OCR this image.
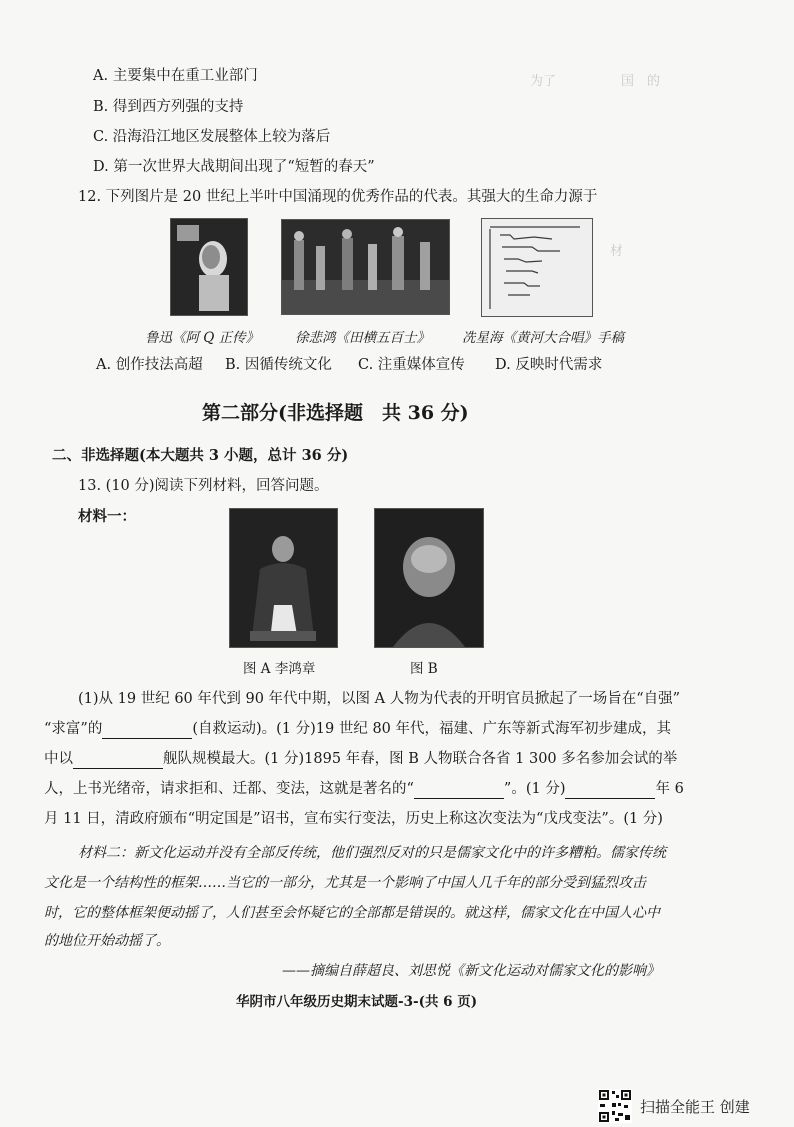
为了　　　　　国　的

材

A. 主要集中在重工业部门
B. 得到西方列强的支持
C. 沿海沿江地区发展整体上较为落后
D. 第一次世界大战期间出现了“短暂的春天”
12. 下列图片是 20 世纪上半叶中国涌现的优秀作品的代表。其强大的生命力源于
鲁迅《阿 Q 正传》	徐悲鸿《田横五百士》 冼星海《黄河大合唱》手稿
A. 创作技法高超 B. 因循传统文化 C. 注重媒体宣传 D. 反映时代需求
第二部分(非选择题　共 36 分)
二、非选择题(本大题共 3 小题，总计 36 分)
13. (10 分)阅读下列材料，回答问题。
材料一：
图 A 李鸿章	图 B
(1)从 19 世纪 60 年代到 90 年代中期，以图 A 人物为代表的开明官员掀起了一场旨在“自强”
“求富”的	(自救运动)。(1 分)19 世纪 80 年代，福建、广东等新式海军初步建成，其
中以	舰队规模最大。(1 分)1895 年春，图 B 人物联合各省 1 300 多名参加会试的举
人，上书光绪帝，请求拒和、迁都、变法，这就是著名的“	”。(1 分)	年 6
月 11 日，清政府颁布“明定国是”诏书，宣布实行变法，历史上称这次变法为“戊戌变法”。(1 分)
材料二：新文化运动并没有全部反传统，他们强烈反对的只是儒家文化中的许多糟粕。儒家传统
文化是一个结构性的框架……当它的一部分，尤其是一个影响了中国人几千年的部分受到猛烈攻击
时，它的整体框架便动摇了，人们甚至会怀疑它的全部都是错误的。就这样，儒家文化在中国人心中
的地位开始动摇了。
——摘编自薛超良、刘思悦《新文化运动对儒家文化的影响》
华阴市八年级历史期末试题-3-(共 6 页)
扫描全能王 创建
